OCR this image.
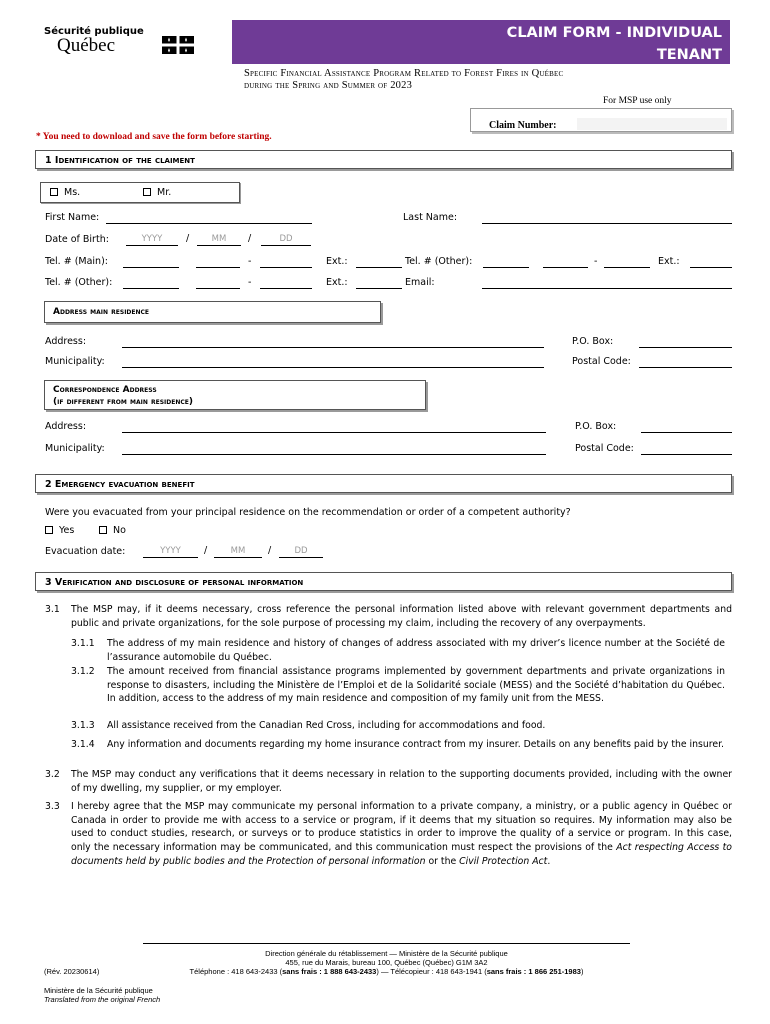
Sécurité publique
Québec
CLAIM FORM - INDIVIDUAL
TENANT
Specific Financial Assistance Program Related to Forest Fires in Québec
during the Spring and Summer of 2023
For MSP use only
Claim Number:
* You need to download and save the form before starting.
1 Identification of the claiment
Ms.	Mr.
First Name:	Last Name:
Date of Birth:	YYYY	/	MM	/	DD
Tel. # (Main):	-	Ext.:	Tel. # (Other):	-	Ext.:
Tel. # (Other):	-	Ext.:	Email:
Address main residence
Address:	P.O. Box:
Municipality:	Postal Code:
Correspondence Address
(if different from main residence)
Address:	P.O. Box:
Municipality:	Postal Code:
2 Emergency evacuation benefit
Were you evacuated from your principal residence on the recommendation or order of a competent authority?
Yes	No
Evacuation date:	YYYY	/	MM	/	DD
3 Verification and disclosure of personal information
3.1 The MSP may, if it deems necessary, cross reference the personal information listed above with relevant government departments and public and private organizations, for the sole purpose of processing my claim, including the recovery of any overpayments.
3.1.1 The address of my main residence and history of changes of address associated with my driver’s licence number at the Société de l’assurance automobile du Québec.
3.1.2 The amount received from financial assistance programs implemented by government departments and private organizations in response to disasters, including the Ministère de l’Emploi et de la Solidarité sociale (MESS) and the Société d’habitation du Québec. In addition, access to the address of my main residence and composition of my family unit from the MESS.
3.1.3 All assistance received from the Canadian Red Cross, including for accommodations and food.
3.1.4 Any information and documents regarding my home insurance contract from my insurer. Details on any benefits paid by the insurer.
3.2 The MSP may conduct any verifications that it deems necessary in relation to the supporting documents provided, including with the owner of my dwelling, my supplier, or my employer.
3.3 I hereby agree that the MSP may communicate my personal information to a private company, a ministry, or a public agency in Québec or Canada in order to provide me with access to a service or program, if it deems that my situation so requires. My information may also be used to conduct studies, research, or surveys or to produce statistics in order to improve the quality of a service or program. In this case, only the necessary information may be communicated, and this communication must respect the provisions of the Act respecting Access to documents held by public bodies and the Protection of personal information or the Civil Protection Act.
Direction générale du rétablissement — Ministère de la Sécurité publique
455, rue du Marais, bureau 100, Québec (Québec) G1M 3A2
(Rév. 20230614)	Téléphone : 418 643-2433 (sans frais : 1 888 643-2433) — Télécopieur : 418 643-1941 (sans frais : 1 866 251-1983)
Ministère de la Sécurité publique
Translated from the original French
